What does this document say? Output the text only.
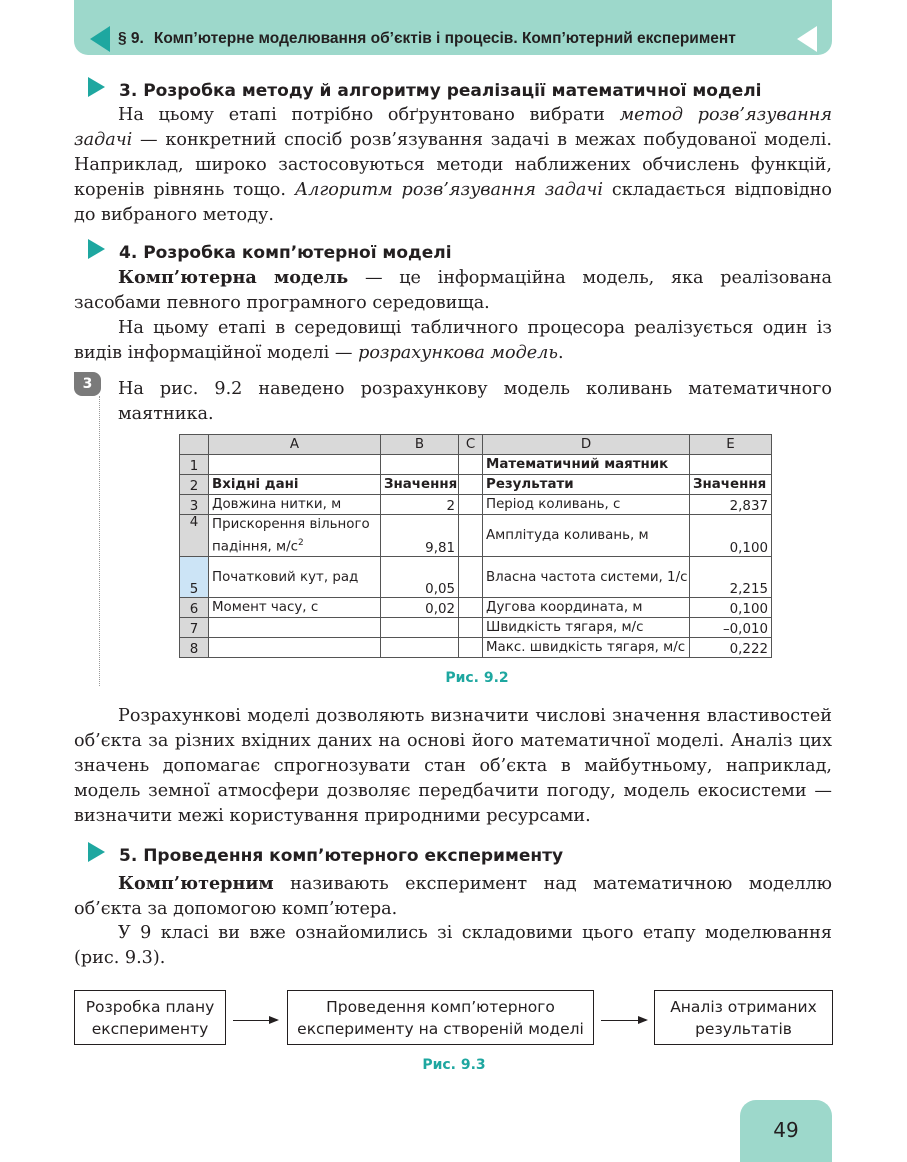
§ 9. Комп’ютерне моделювання об’єктів і процесів. Комп’ютерний експеримент
3. Розробка методу й алгоритму реалізації математичної моделі

На цьому етапі потрібно обґрунтовано вибрати метод розв’язування задачі — конкретний спосіб розв’язування задачі в межах побудованої моделі. Наприклад, широко застосовуються методи наближених обчислень функцій, коренів рівнянь тощо. Алгоритм розв’язування задачі складається відповідно до вибраного методу.

4. Розробка комп’ютерної моделі

Комп’ютерна модель — це інформаційна модель, яка реалізована засобами певного програмного середовища.

На цьому етапі в середовищі табличного процесора реалізується один із видів інформаційної моделі — розрахункова модель.

3	На рис. 9.2 наведено розрахункову модель коливань математичного маятника.

	A	B	C	D	E
1				Математичний маятник	
2	Вхідні дані	Значення		Результати	Значення
3	Довжина нитки, м	2		Період коливань, с	2,837
4	Прискорення вільного
падіння, $м/с^2$	9,81		Амплітуда коливань, м	0,100
5	Початковий кут, рад	0,05		Власна частота системи, 1/с	2,215
6	Момент часу, с	0,02		Дугова координата, м	0,100
7				Швидкість тягаря, м/с	–0,010
8				Макс. швидкість тягаря, м/с	0,222
Рис. 9.2

Розрахункові моделі дозволяють визначити числові значення властивостей об’єкта за різних вхідних даних на основі його математичної моделі. Аналіз цих значень допомагає спрогнозувати стан об’єкта в майбутньому, наприклад, модель земної атмосфери дозволяє передбачити погоду, модель екосистеми — визначити межі користування природними ресурсами.

5. Проведення комп’ютерного експерименту

Комп’ютерним називають експеримент над математичною моделлю об’єкта за допомогою комп’ютера.

У 9 класі ви вже ознайомились зі складовими цього етапу моделювання (рис. 9.3).

Розробка плану
експерименту
Проведення комп’ютерного
експерименту на створеній моделі
Аналіз отриманих
результатів
Рис. 9.3
49
